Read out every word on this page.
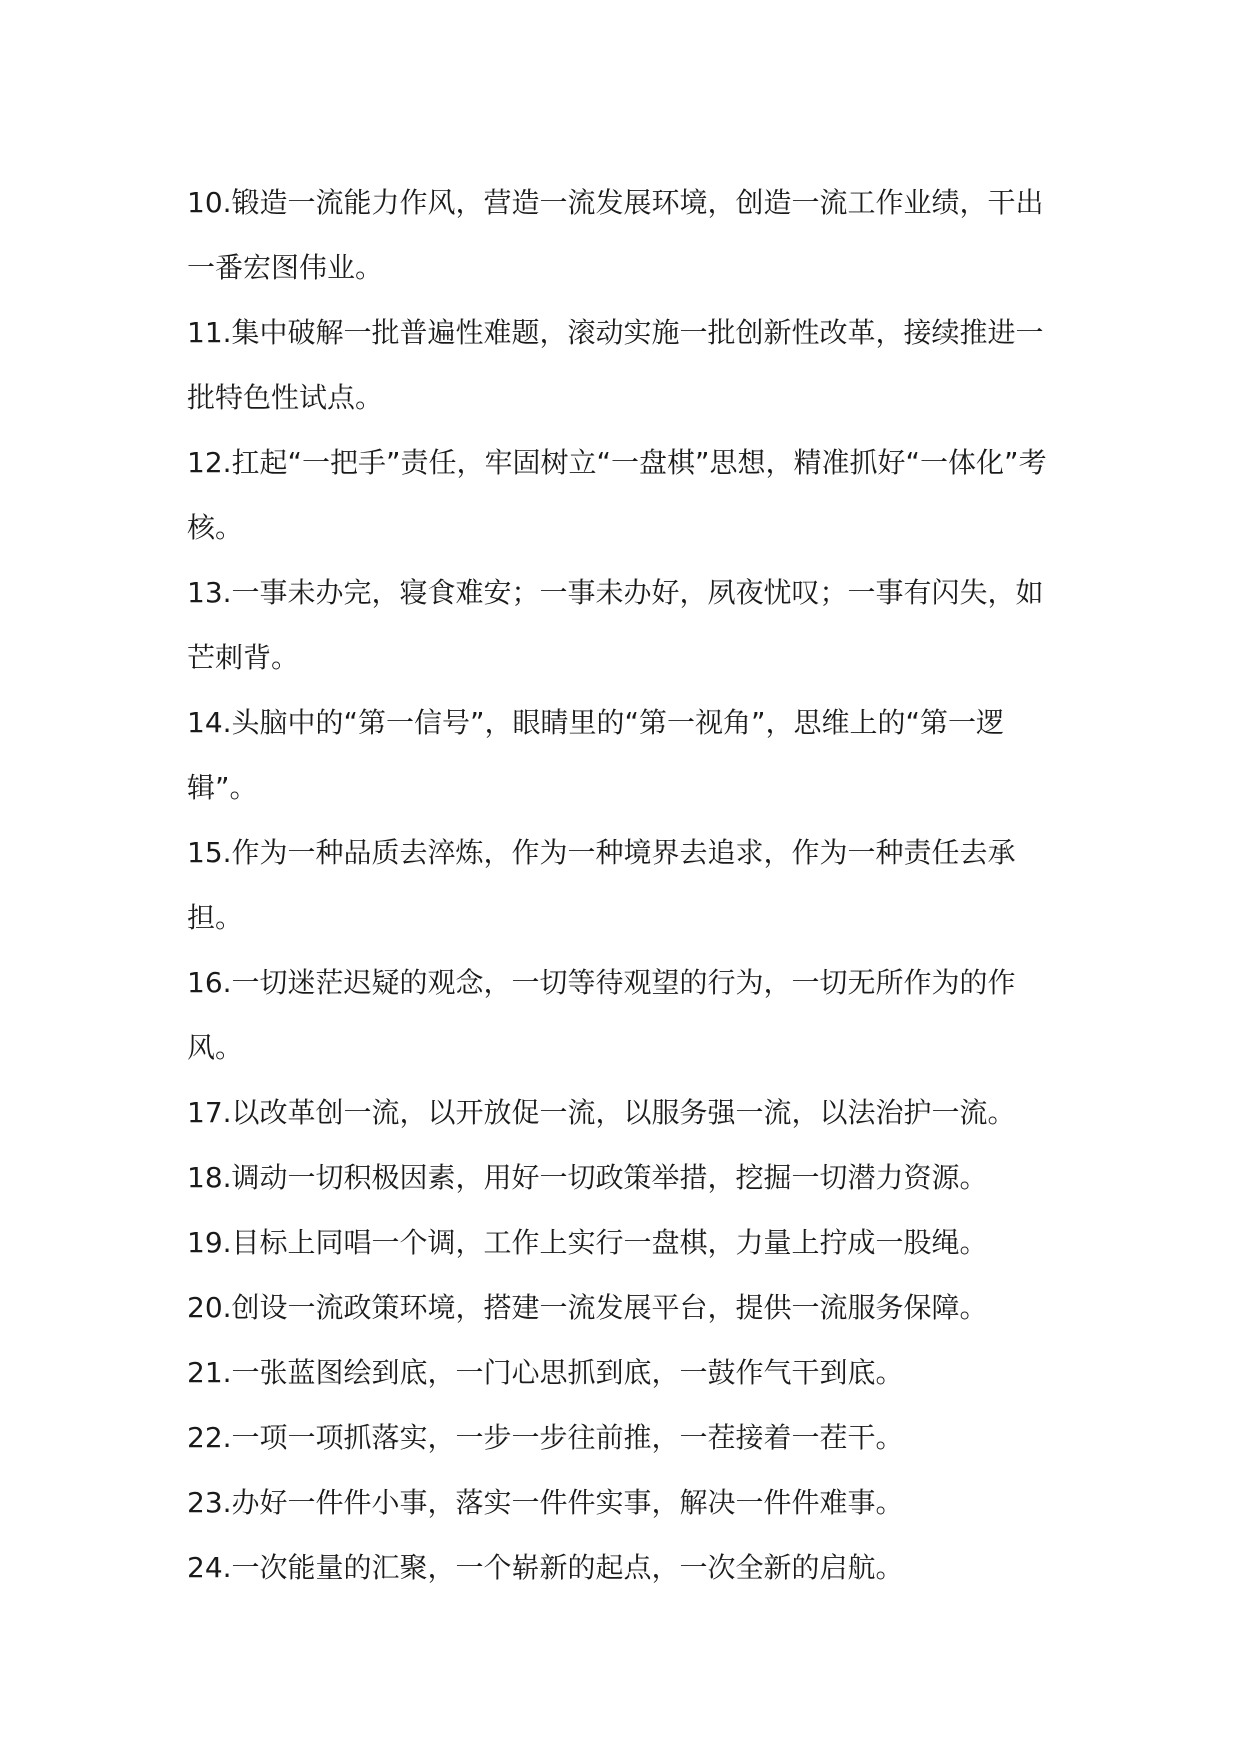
10.锻造一流能力作风，营造一流发展环境，创造一流工作业绩，干出一番宏图伟业。

11.集中破解一批普遍性难题，滚动实施一批创新性改革，接续推进一批特色性试点。

12.扛起“一把手”责任，牢固树立“一盘棋”思想，精准抓好“一体化”考核。

13.一事未办完，寝食难安；一事未办好，夙夜忧叹；一事有闪失，如芒刺背。

14.头脑中的“第一信号”，眼睛里的“第一视角”，思维上的“第一逻辑”。

15.作为一种品质去淬炼，作为一种境界去追求，作为一种责任去承担。

16.一切迷茫迟疑的观念，一切等待观望的行为，一切无所作为的作风。

17.以改革创一流，以开放促一流，以服务强一流，以法治护一流。

18.调动一切积极因素，用好一切政策举措，挖掘一切潜力资源。

19.目标上同唱一个调，工作上实行一盘棋，力量上拧成一股绳。

20.创设一流政策环境，搭建一流发展平台，提供一流服务保障。

21.一张蓝图绘到底，一门心思抓到底，一鼓作气干到底。

22.一项一项抓落实，一步一步往前推，一茬接着一茬干。

23.办好一件件小事，落实一件件实事，解决一件件难事。

24.一次能量的汇聚，一个崭新的起点，一次全新的启航。
